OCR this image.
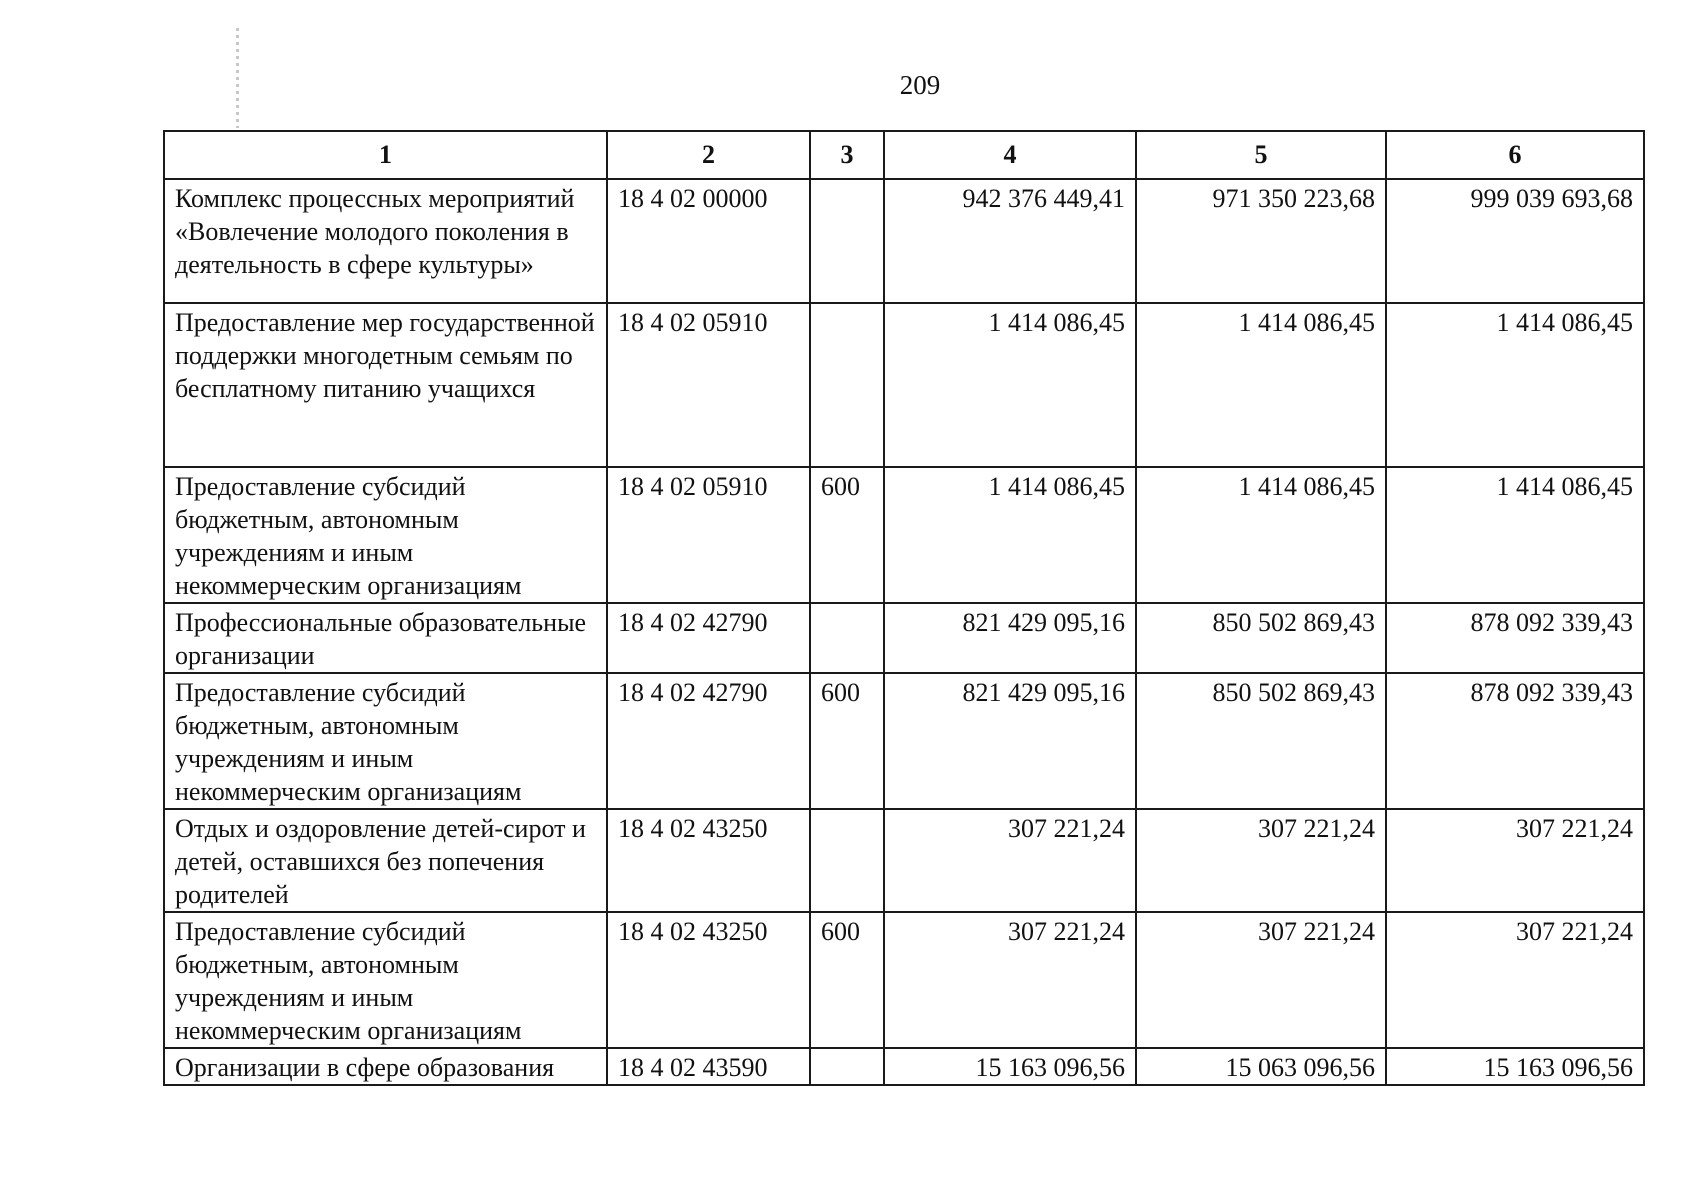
209
1	2	3	4	5	6
Комплекс процессных мероприятий «Вовлечение молодого поколения в деятельность в сфере культуры»	18 4 02 00000		942 376 449,41	971 350 223,68	999 039 693,68
Предоставление мер государственной поддержки многодетным семьям по бесплатному питанию учащихся	18 4 02 05910		1 414 086,45	1 414 086,45	1 414 086,45
Предоставление субсидий бюджетным, автономным учреждениям и иным некоммерческим организациям	18 4 02 05910	600	1 414 086,45	1 414 086,45	1 414 086,45
Профессиональные образовательные организации	18 4 02 42790		821 429 095,16	850 502 869,43	878 092 339,43
Предоставление субсидий бюджетным, автономным учреждениям и иным некоммерческим организациям	18 4 02 42790	600	821 429 095,16	850 502 869,43	878 092 339,43
Отдых и оздоровление детей-сирот и детей, оставшихся без попечения родителей	18 4 02 43250		307 221,24	307 221,24	307 221,24
Предоставление субсидий бюджетным, автономным учреждениям и иным некоммерческим организациям	18 4 02 43250	600	307 221,24	307 221,24	307 221,24
Организации в сфере образования	18 4 02 43590		15 163 096,56	15 063 096,56	15 163 096,56
